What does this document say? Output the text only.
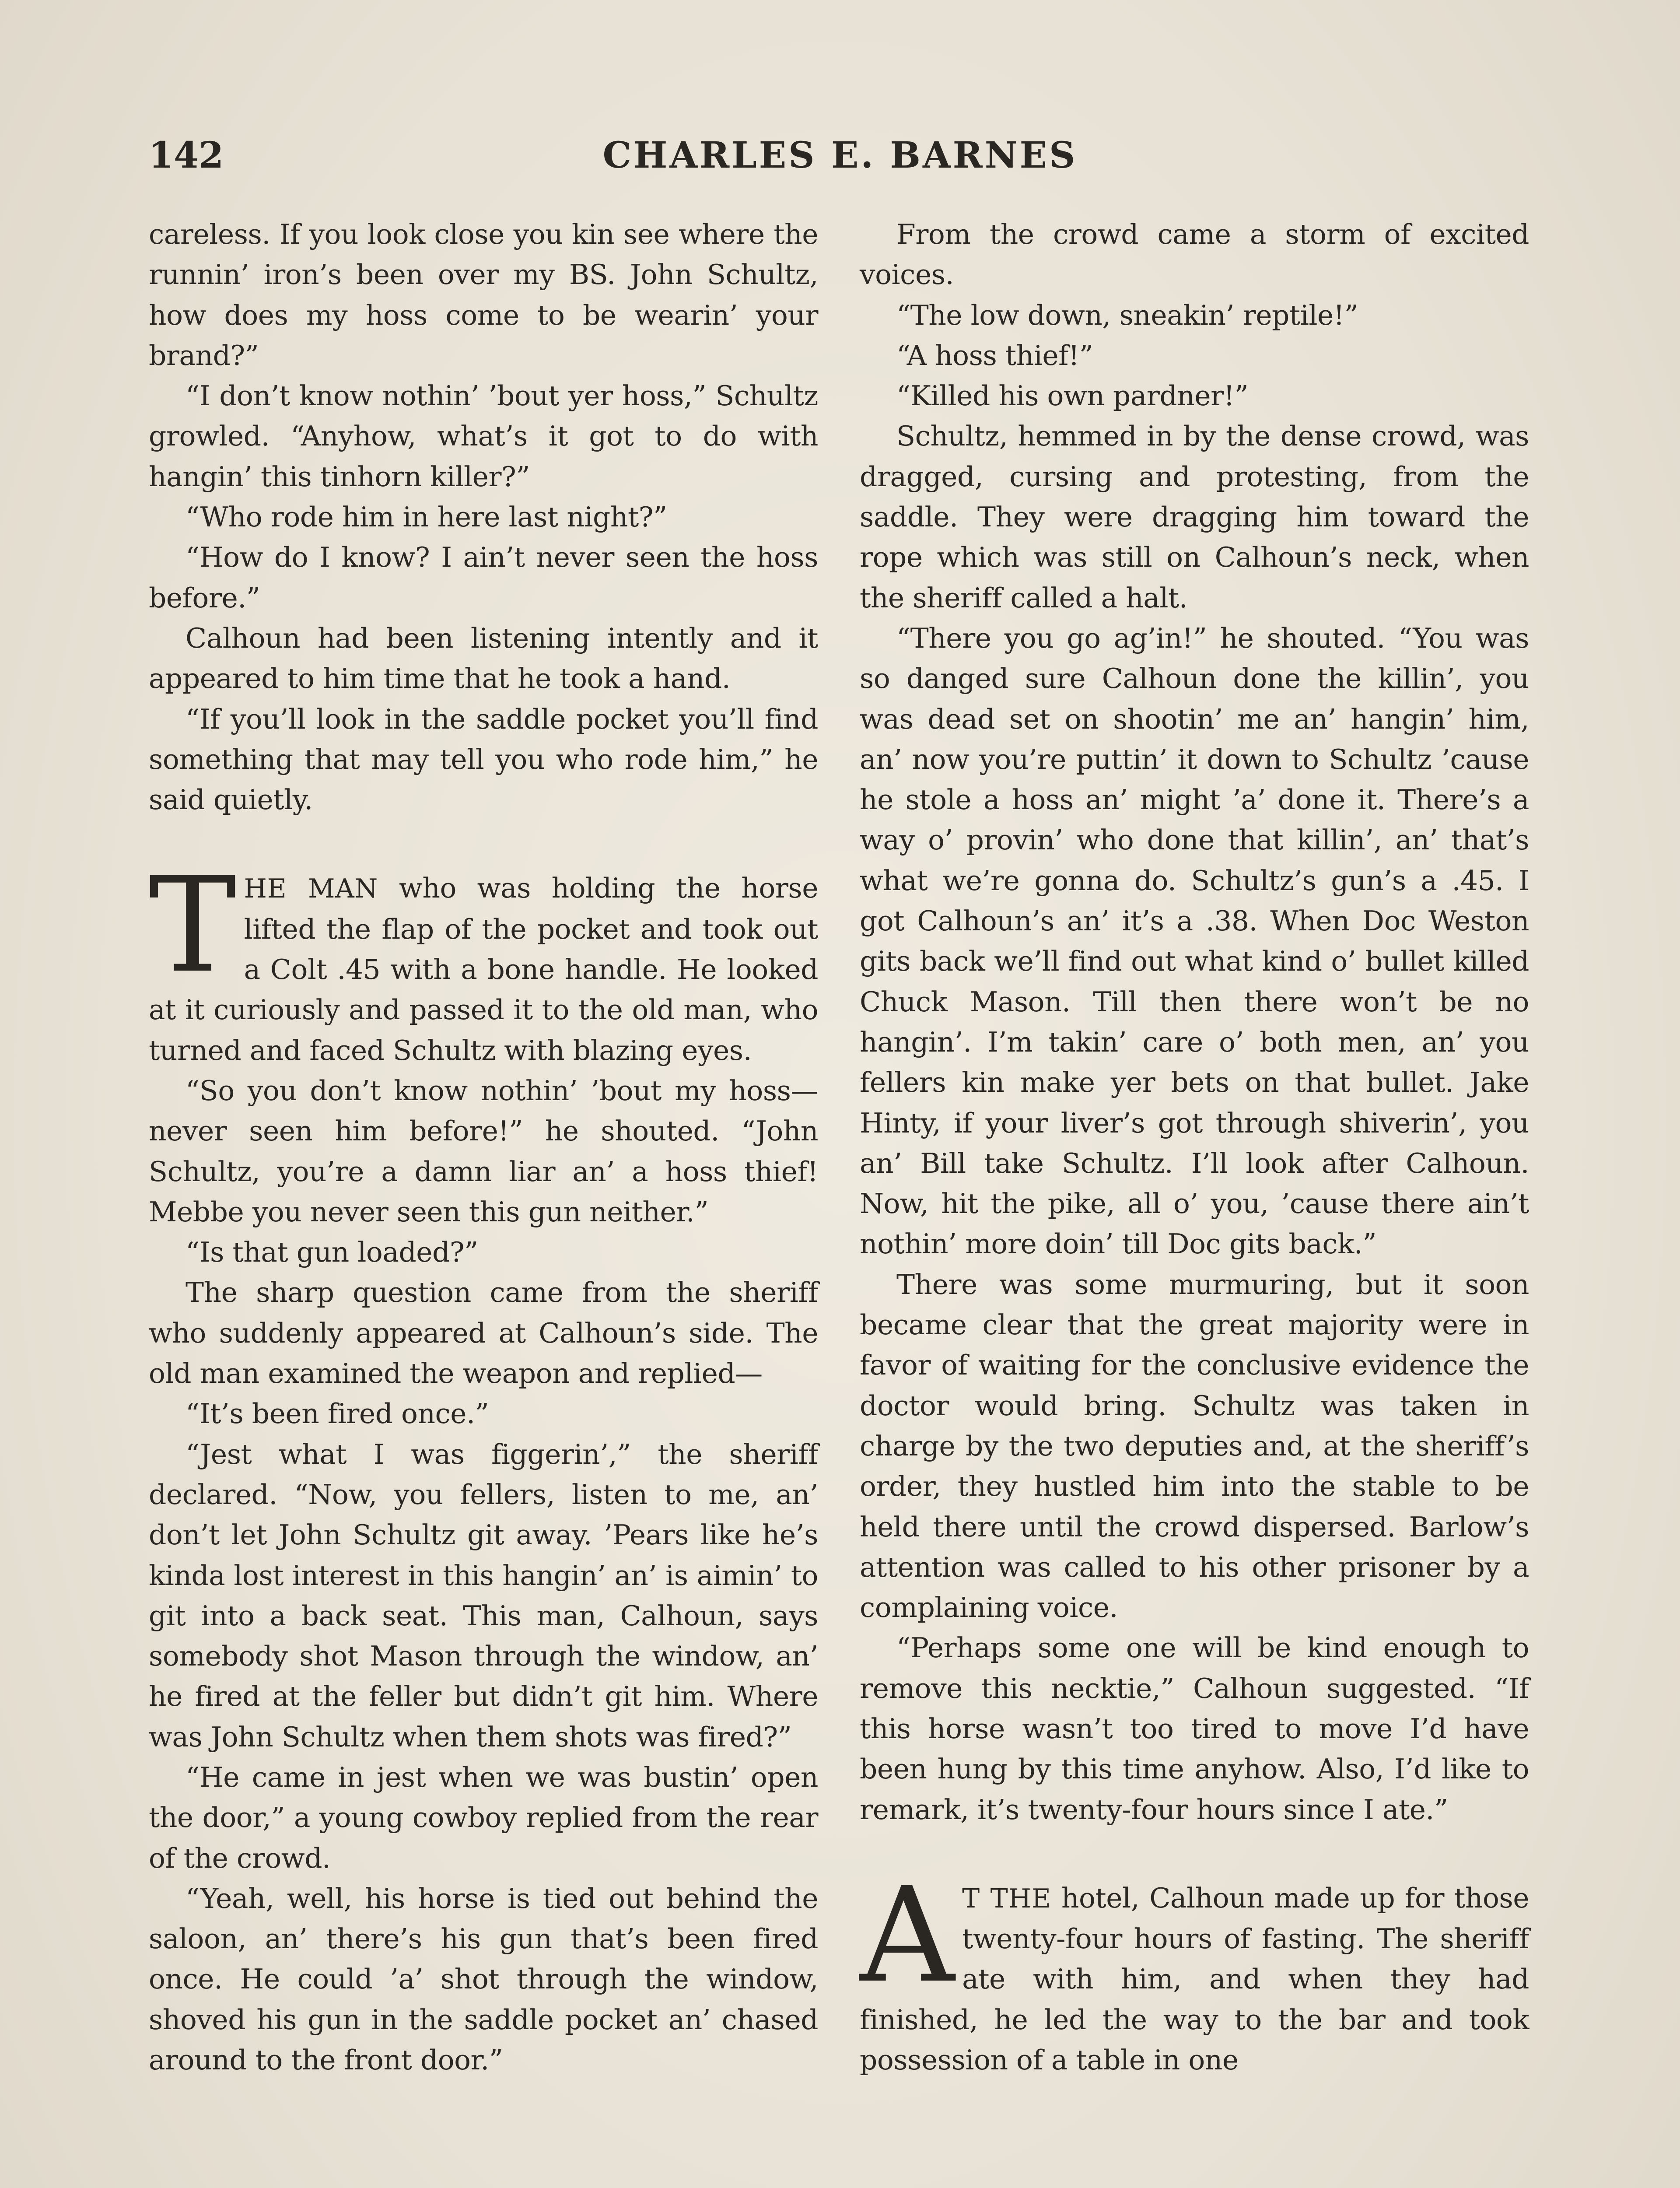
142	CHARLES E. BARNES

careless. If you look close you kin see where the runnin’ iron’s been over my BS. John Schultz, how does my hoss come to be wearin’ your brand?”

“I don’t know nothin’ ’bout yer hoss,” Schultz growled. “Anyhow, what’s it got to do with hangin’ this tinhorn killer?”

“Who rode him in here last night?”

“How do I know? I ain’t never seen the hoss before.”

Calhoun had been listening intently and it appeared to him time that he took a hand.

“If you’ll look in the saddle pocket you’ll find something that may tell you who rode him,” he said quietly.

THE MAN who was holding the horse lifted the flap of the pocket and took out a Colt .45 with a bone handle. He looked at it curiously and passed it to the old man, who turned and faced Schultz with blazing eyes.

“So you don’t know nothin’ ’bout my hoss—never seen him before!” he shouted. “John Schultz, you’re a damn liar an’ a hoss thief! Mebbe you never seen this gun neither.”

“Is that gun loaded?”

The sharp question came from the sheriff who suddenly appeared at Calhoun’s side. The old man examined the weapon and replied—

“It’s been fired once.”

“Jest what I was figgerin’,” the sheriff declared. “Now, you fellers, listen to me, an’ don’t let John Schultz git away. ’Pears like he’s kinda lost interest in this hangin’ an’ is aimin’ to git into a back seat. This man, Calhoun, says somebody shot Mason through the window, an’ he fired at the feller but didn’t git him. Where was John Schultz when them shots was fired?”

“He came in jest when we was bustin’ open the door,” a young cowboy replied from the rear of the crowd.

“Yeah, well, his horse is tied out behind the saloon, an’ there’s his gun that’s been fired once. He could ’a’ shot through the window, shoved his gun in the saddle pocket an’ chased around to the front door.”

From the crowd came a storm of excited voices.

“The low down, sneakin’ reptile!”

“A hoss thief!”

“Killed his own pardner!”

Schultz, hemmed in by the dense crowd, was dragged, cursing and protesting, from the saddle. They were dragging him toward the rope which was still on Calhoun’s neck, when the sheriff called a halt.

“There you go ag’in!” he shouted. “You was so danged sure Calhoun done the killin’, you was dead set on shootin’ me an’ hangin’ him, an’ now you’re puttin’ it down to Schultz ’cause he stole a hoss an’ might ’a’ done it. There’s a way o’ provin’ who done that killin’, an’ that’s what we’re gonna do. Schultz’s gun’s a .45. I got Calhoun’s an’ it’s a .38. When Doc Weston gits back we’ll find out what kind o’ bullet killed Chuck Mason. Till then there won’t be no hangin’. I’m takin’ care o’ both men, an’ you fellers kin make yer bets on that bullet. Jake Hinty, if your liver’s got through shiverin’, you an’ Bill take Schultz. I’ll look after Calhoun. Now, hit the pike, all o’ you, ’cause there ain’t nothin’ more doin’ till Doc gits back.”

There was some murmuring, but it soon became clear that the great majority were in favor of waiting for the conclusive evidence the doctor would bring. Schultz was taken in charge by the two deputies and, at the sheriff’s order, they hustled him into the stable to be held there until the crowd dispersed. Barlow’s attention was called to his other prisoner by a complaining voice.

“Perhaps some one will be kind enough to remove this necktie,” Calhoun suggested. “If this horse wasn’t too tired to move I’d have been hung by this time anyhow. Also, I’d like to remark, it’s twenty-four hours since I ate.”

A T THE hotel, Calhoun made up for those twenty-four hours of fasting. The sheriff ate with him, and when they had finished, he led the way to the bar and took possession of a table in one
